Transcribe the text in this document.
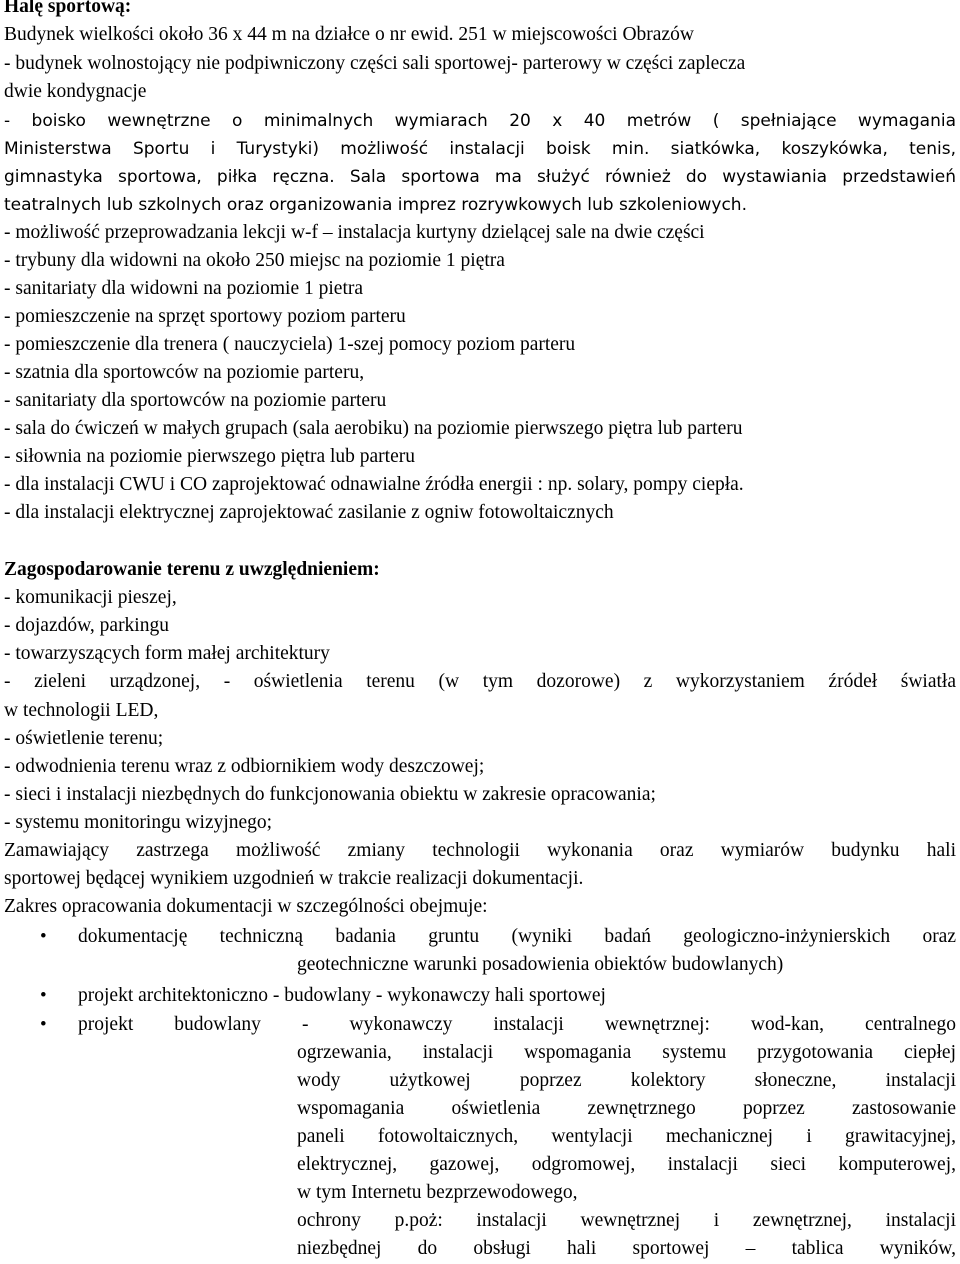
Halę sportową:
Budynek wielkości około 36 x 44 m na działce o nr ewid. 251 w miejscowości Obrazów
- budynek wolnostojący nie podpiwniczony części sali sportowej- parterowy w części zaplecza
dwie kondygnacje
- boisko wewnętrzne o minimalnych wymiarach 20 x 40 metrów ( spełniające wymagania
Ministerstwa Sportu i Turystyki) możliwość instalacji boisk min. siatkówka, koszykówka, tenis,
gimnastyka sportowa, piłka ręczna. Sala sportowa ma służyć również do wystawiania przedstawień
teatralnych lub szkolnych oraz organizowania imprez rozrywkowych lub szkoleniowych.
- możliwość przeprowadzania lekcji w-f – instalacja kurtyny dzielącej sale na dwie części
- trybuny dla widowni na około 250 miejsc na poziomie 1 piętra
- sanitariaty dla widowni na poziomie 1 pietra
- pomieszczenie na sprzęt sportowy poziom parteru
- pomieszczenie dla trenera ( nauczyciela) 1-szej pomocy poziom parteru
- szatnia dla sportowców na poziomie parteru,
- sanitariaty dla sportowców na poziomie parteru
- sala do ćwiczeń w małych grupach (sala aerobiku) na poziomie pierwszego piętra lub parteru
- siłownia na poziomie pierwszego piętra lub parteru
- dla instalacji CWU i CO zaprojektować odnawialne źródła energii : np. solary, pompy ciepła.
- dla instalacji elektrycznej zaprojektować zasilanie z ogniw fotowoltaicznych
Zagospodarowanie terenu z uwzględnieniem:
- komunikacji pieszej,
- dojazdów, parkingu
- towarzyszących form małej architektury
- zieleni urządzonej, - oświetlenia terenu (w tym dozorowe) z wykorzystaniem źródeł światła
w technologii LED,
- oświetlenie terenu;
- odwodnienia terenu wraz z odbiornikiem wody deszczowej;
- sieci i instalacji niezbędnych do funkcjonowania obiektu w zakresie opracowania;
- systemu monitoringu wizyjnego;
Zamawiający zastrzega możliwość zmiany technologii wykonania oraz wymiarów budynku hali
sportowej będącej wynikiem uzgodnień w trakcie realizacji dokumentacji.
Zakres opracowania dokumentacji w szczególności obejmuje:
• dokumentację techniczną badania gruntu (wyniki badań geologiczno-inżynierskich oraz
geotechniczne warunki posadowienia obiektów budowlanych)
• projekt architektoniczno - budowlany - wykonawczy hali sportowej
• projekt budowlany - wykonawczy instalacji wewnętrznej: wod-kan, centralnego
ogrzewania, instalacji wspomagania systemu przygotowania ciepłej
wody użytkowej poprzez kolektory słoneczne, instalacji
wspomagania oświetlenia zewnętrznego poprzez zastosowanie
paneli fotowoltaicznych, wentylacji mechanicznej i grawitacyjnej,
elektrycznej, gazowej, odgromowej, instalacji sieci komputerowej,
w tym Internetu bezprzewodowego,
ochrony p.poż: instalacji wewnętrznej i zewnętrznej, instalacji
niezbędnej do obsługi hali sportowej – tablica wyników,
